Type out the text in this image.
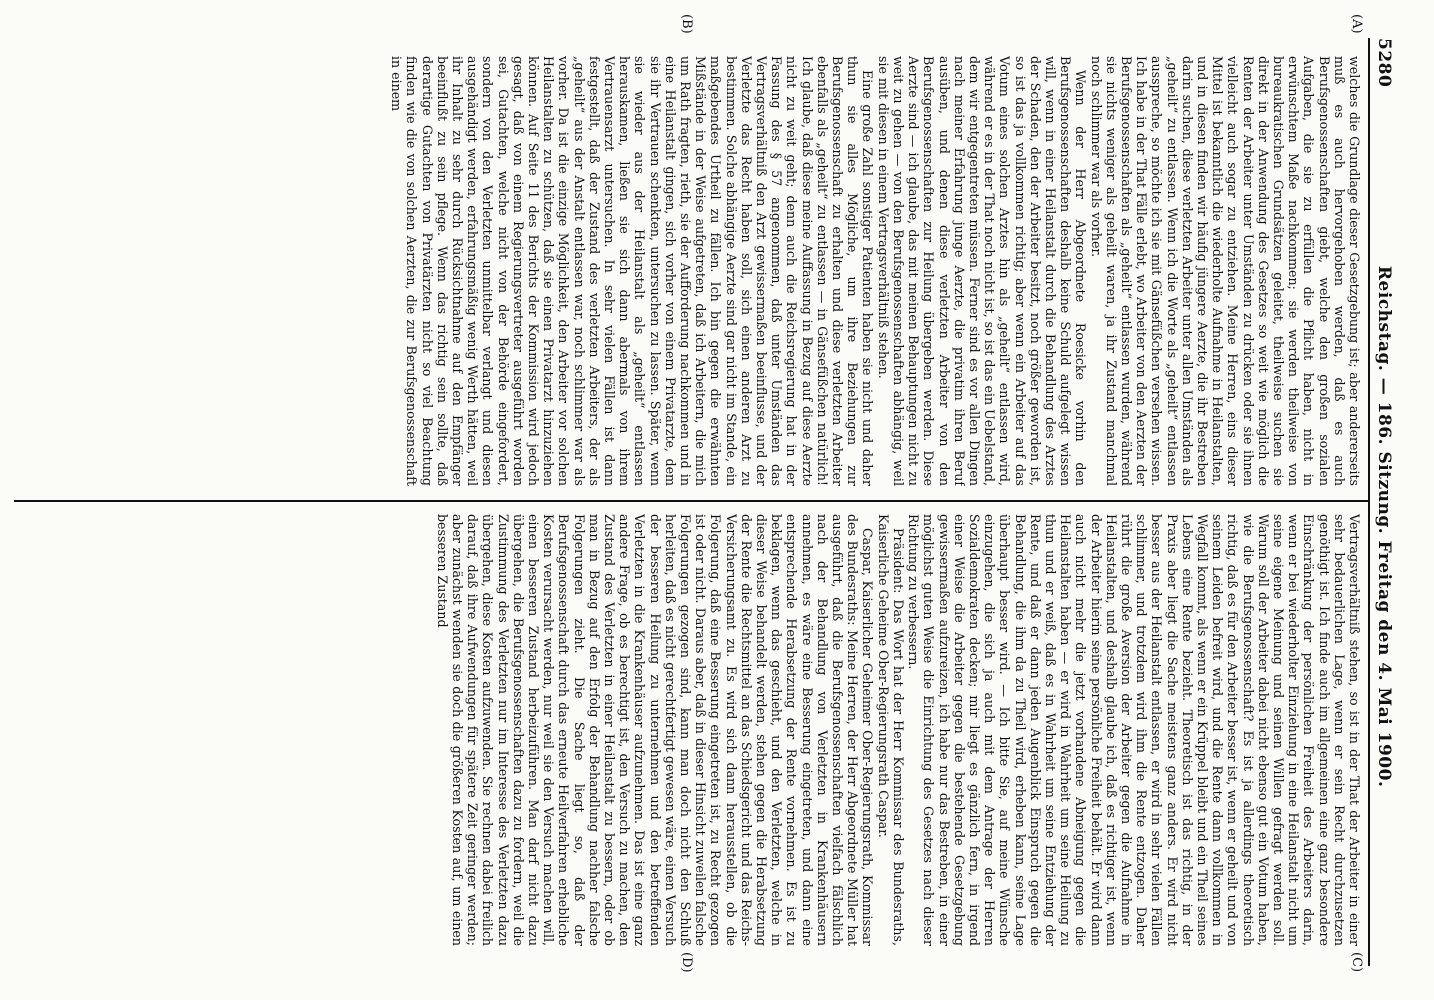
5280
Reichstag. — 186. Sitzung. Freitag den 4. Mai 1900.
(A)
(B)
(C)
(D)

welches die Grundlage dieser Gesetzgebung ist; aber andererseits muß es auch hervorgehoben werden, daß es auch Berufsgenossenschaften giebt, welche den großen sozialen Aufgaben, die sie zu erfüllen die Pflicht haben, nicht in erwünschtem Maße nachkommen; sie werden theilweise von bureaukratischen Grundsätzen geleitet, theilweise suchen sie direkt in der Anwendung des Gesetzes so weit wie möglich die Renten der Arbeiter unter Umständen zu drücken oder sie ihnen vielleicht auch sogar zu entziehen. Meine Herren, eins dieser Mittel ist bekanntlich die wiederholte Aufnahme in Heilanstalten, und in diesen finden wir häufig jüngere Aerzte, die ihr Bestreben darin suchen, diese verletzten Arbeiter unter allen Umständen als „geheilt“ zu entlassen. Wenn ich die Worte als „geheilt“ entlassen ausspreche, so möchte ich sie mit Gänsefüßchen versehen wissen. Ich habe in der That Fälle erlebt, wo Arbeiter von den Aerzten der Berufsgenossenschaften als „geheilt“ entlassen wurden, während sie nichts weniger als geheilt waren, ja ihr Zustand manchmal noch schlimmer war als vorher.

Wenn der Herr Abgeordnete Roesicke vorhin den Berufsgenossenschaften deshalb keine Schuld aufgelegt wissen will, wenn in einer Heilanstalt durch die Behandlung des Arztes der Schaden, den der Arbeiter besitzt, noch größer geworden ist, so ist das ja vollkommen richtig; aber wenn ein Arbeiter auf das Votum eines solchen Arztes hin als „geheilt“ entlassen wird, während er es in der That noch nicht ist, so ist das ein Uebelstand, dem wir entgegentreten müssen. Ferner sind es vor allen Dingen nach meiner Erfahrung junge Aerzte, die privatim ihren Beruf ausüben, und denen diese verletzten Arbeiter von den Berufsgenossenschaften zur Heilung übergeben werden. Diese Aerzte sind — ich glaube, das mit meinen Behauptungen nicht zu weit zu gehen — von den Berufsgenossenschaften abhängig, weil sie mit diesen in einem Vertragsverhältniß stehen.

Eine große Zahl sonstiger Patienten haben sie nicht und daher thun sie alles Mögliche, um ihre Beziehungen zur Berufsgenossenschaft zu erhalten und diese verletzten Arbeiter ebenfalls als „geheilt“ zu entlassen — in Gänsefüßchen natürlich! Ich glaube, daß diese meine Auffassung in Bezug auf diese Aerzte nicht zu weit geht; denn auch die Reichsregierung hat in der Fassung des § 57 angenommen, daß unter Umständen das Vertragsverhältniß den Arzt gewissermaßen beeinflusse, und der Verletzte das Recht haben soll, sich einen anderen Arzt zu bestimmen. Solche abhängige Aerzte sind gar nicht im Stande, ein maßgebendes Urtheil zu fällen. Ich bin gegen die erwähnten Mißstände in der Weise aufgetreten, daß ich Arbeitern, die mich um Rath fragten, rieth, sie der Aufforderung nachkommen und in eine Heilanstalt gingen, sich vorher von einem Privatarzte, dem sie ihr Vertrauen schenkten, untersuchen zu lassen. Später, wenn sie wieder aus der Heilanstalt als „geheilt“ entlassen herauskamen, ließen sie sich dann abermals von ihrem Vertrauensarzt untersuchen. In sehr vielen Fällen ist dann festgestellt, daß der Zustand des verletzten Arbeiters, der als „geheilt“ aus der Anstalt entlassen war, noch schlimmer war als vorher. Da ist die einzige Möglichkeit, den Arbeiter vor solchen Heilanstalten zu schützen, daß sie einen Privatarzt hinzuziehen können. Auf Seite 11 des Berichts der Kommission wird jedoch gesagt, daß von einem Regierungsvertreter ausgeführt worden sei, Gutachten, welche nicht von der Behörde eingefordert, sondern von den Verletzten unmittelbar verlangt und diesen ausgehändigt werden, erfahrungsmäßig wenig Werth hätten, weil ihr Inhalt zu sehr durch Rücksichtnahme auf den Empfänger beeinflußt zu sein pflege. Wenn das richtig sein sollte, daß derartige Gutachten von Privatärzten nicht so viel Beachtung finden wie die von solchen Aerzten, die zur Berufsgenossenschaft in einem

Vertragsverhältniß stehen, so ist in der That der Arbeiter in einer sehr bedauerlichen Lage, wenn er sein Recht durchzusetzen genöthigt ist. Ich finde auch im allgemeinen eine ganz besondere Einschränkung der persönlichen Freiheit des Arbeiters darin, wenn er bei wiederholter Einziehung in eine Heilanstalt nicht um seine eigene Meinung und seinen Willen gefragt werden soll. Warum soll der Arbeiter dabei nicht ebenso gut ein Votum haben, wie die Berufsgenossenschaft? Es ist ja allerdings theoretisch richtig, daß es für den Arbeiter besser ist, wenn er geheilt und von seinem Leiden befreit wird, und die Rente dann vollkommen in Wegfall kommt, als wenn er ein Krüppel bleibt und ein Theil seines Lebens eine Rente bezieht. Theoretisch ist das richtig, in der Praxis aber liegt die Sache meistens ganz anders. Er wird nicht besser aus der Heilanstalt entlassen, er wird in sehr vielen Fällen schlimmer, und trotzdem wird ihm die Rente entzogen. Daher rührt die große Aversion der Arbeiter gegen die Aufnahme in Heilanstalten, und deshalb glaube ich, daß es richtiger ist, wenn der Arbeiter hierin seine persönliche Freiheit behält. Er wird dann auch nicht mehr die jetzt vorhandene Abneigung gegen die Heilanstalten haben — er wird in Wahrheit um seine Heilung zu thun und er weiß, daß es in Wahrheit um seine Entziehung der Rente, und daß er dann jeden Augenblick Einspruch gegen die Behandlung, die ihm da zu Theil wird, erheben kann, seine Lage überhaupt besser wird. — Ich bitte Sie, auf meine Wünsche einzugehen, die sich ja auch mit dem Antrage der Herren Sozialdemokraten decken; mir liegt es gänzlich fern, in irgend einer Weise die Arbeiter gegen die bestehende Gesetzgebung gewissermaßen aufzureizen, ich habe nur das Bestreben, in einer möglichst guten Weise die Einrichtung des Gesetzes nach dieser Richtung zu verbessern.

Präsident: Das Wort hat der Herr Kommissar des Bundesraths, Kaiserliche Geheime Ober-Regierungsrath Caspar.

Caspar, Kaiserlicher Geheimer Ober-Regierungsrath, Kommissar des Bundesraths: Meine Herren, der Herr Abgeordnete Müller hat ausgeführt, daß die Berufsgenossenschaften vielfach fälschlich nach der Behandlung von Verletzten in Krankenhäusern annehmen, es wäre eine Besserung eingetreten, und dann eine entsprechende Herabsetzung der Rente vornehmen. Es ist zu beklagen, wenn das geschieht, und den Verletzten, welche in dieser Weise behandelt werden, stehen gegen die Herabsetzung der Rente die Rechtsmittel an das Schiedsgericht und das Reichs-Versicherungsamt zu. Es wird sich dann herausstellen, ob die Folgerung, daß eine Besserung eingetreten ist, zu Recht gezogen ist oder nicht. Daraus aber, daß in dieser Hinsicht zuweilen falsche Folgerungen gezogen sind, kann man doch nicht den Schluß herleiten, daß es nicht gerechtfertigt gewesen wäre, einen Versuch der besseren Heilung zu unternehmen und den betreffenden Verletzten in die Krankenhäuser aufzunehmen. Das ist eine ganz andere Frage, ob es berechtigt ist, den Versuch zu machen, den Zustand des Verletzten in einer Heilanstalt zu bessern, oder ob man in Bezug auf den Erfolg der Behandlung nachher falsche Folgerungen zieht. Die Sache liegt so, daß der Berufsgenossenschaft durch das erneute Heilverfahren erhebliche Kosten verursacht werden, nur weil sie den Versuch machen will, einen besseren Zustand herbeizuführen. Man darf nicht dazu übergehen, die Berufsgenossenschaften dazu zu fordern, weil die Zustimmung des Verletzten nur im Interesse des Verletzten dazu übergehen, diese Kosten aufzuwenden. Sie rechnen dabei freilich darauf, daß ihre Aufwendungen für spätere Zeit geringer werden; aber zunächst wenden sie doch die größeren Kosten auf, um einen besseren Zustand
